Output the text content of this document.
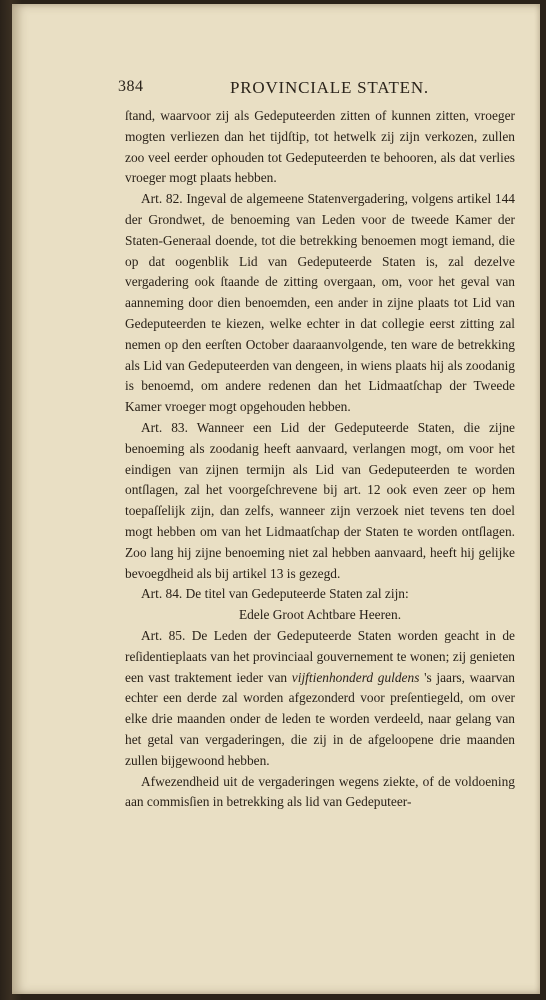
384	PROVINCIALE STATEN.

ſtand, waarvoor zij als Gedeputeerden zitten of kunnen zitten, vroeger mogten verliezen dan het tijdſtip, tot hetwelk zij zijn verkozen, zullen zoo veel eerder ophouden tot Gedeputeerden te behooren, als dat verlies vroeger mogt plaats hebben.

Art. 82. Ingeval de algemeene Statenvergadering, volgens artikel 144 der Grondwet, de benoeming van Leden voor de tweede Kamer der Staten-Generaal doende, tot die betrekking benoemen mogt iemand, die op dat oogenblik Lid van Gedeputeerde Staten is, zal dezelve vergadering ook ſtaande de zitting overgaan, om, voor het geval van aanneming door dien benoemden, een ander in zijne plaats tot Lid van Gedeputeerden te kiezen, welke echter in dat collegie eerst zitting zal nemen op den eerſten October daaraanvolgende, ten ware de betrekking als Lid van Gedeputeerden van dengeen, in wiens plaats hij als zoodanig is benoemd, om andere redenen dan het Lidmaatſchap der Tweede Kamer vroeger mogt opgehouden hebben.

Art. 83. Wanneer een Lid der Gedeputeerde Staten, die zijne benoeming als zoodanig heeft aanvaard, verlangen mogt, om voor het eindigen van zijnen termijn als Lid van Gedeputeerden te worden ontſlagen, zal het voorgeſchrevene bij art. 12 ook even zeer op hem toepaſſelijk zijn, dan zelfs, wanneer zijn verzoek niet tevens ten doel mogt hebben om van het Lidmaatſchap der Staten te worden ontſlagen. Zoo lang hij zijne benoeming niet zal hebben aanvaard, heeft hij gelijke bevoegdheid als bij artikel 13 is gezegd.

Art. 84. De titel van Gedeputeerde Staten zal zijn:

Edele Groot Achtbare Heeren.

Art. 85. De Leden der Gedeputeerde Staten worden geacht in de reſidentieplaats van het provinciaal gouvernement te wonen; zij genieten een vast traktement ieder van vijftienhonderd guldens 's jaars, waarvan echter een derde zal worden afgezonderd voor preſentiegeld, om over elke drie maanden onder de leden te worden verdeeld, naar gelang van het getal van vergaderingen, die zij in de afgeloopene drie maanden zullen bijgewoond hebben.

Afwezendheid uit de vergaderingen wegens ziekte, of de voldoening aan commisſien in betrekking als lid van Gedeputeer-
